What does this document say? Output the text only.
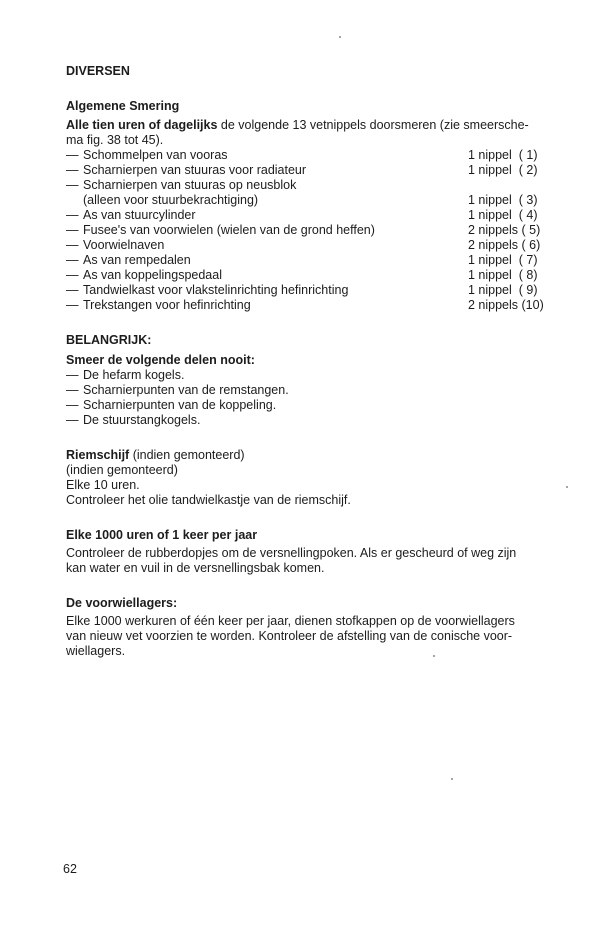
DIVERSEN

Algemene Smering

Alle tien uren of dagelijks de volgende 13 vetnippels doorsmeren (zie smeersche-

ma fig. 38 tot 45).

— Schommelpen van vooras	1 nippel  ( 1)
— Scharnierpen van stuuras voor radiateur	1 nippel  ( 2)
— Scharnierpen van stuuras op neusblok
(alleen voor stuurbekrachtiging)	1 nippel  ( 3)
— As van stuurcylinder	1 nippel  ( 4)
— Fusee's van voorwielen (wielen van de grond heffen)	2 nippels ( 5)
— Voorwielnaven	2 nippels ( 6)
— As van rempedalen	1 nippel  ( 7)
— As van koppelingspedaal	1 nippel  ( 8)
— Tandwielkast voor vlakstelinrichting hefinrichting	1 nippel  ( 9)
— Trekstangen voor hefinrichting	2 nippels (10)

BELANGRIJK:

Smeer de volgende delen nooit:

— De hefarm kogels.
— Scharnierpunten van de remstangen.
— Scharnierpunten van de koppeling.
— De stuurstangkogels.

Riemschijf (indien gemonteerd)

(indien gemonteerd)

Elke 10 uren.

Controleer het olie tandwielkastje van de riemschijf.

Elke 1000 uren of 1 keer per jaar

Controleer de rubberdopjes om de versnellingpoken. Als er gescheurd of weg zijn

kan water en vuil in de versnellingsbak komen.

De voorwiellagers:

Elke 1000 werkuren of één keer per jaar, dienen stofkappen op de voorwiellagers

van nieuw vet voorzien te worden. Kontroleer de afstelling van de conische voor-

wiellagers.

62
